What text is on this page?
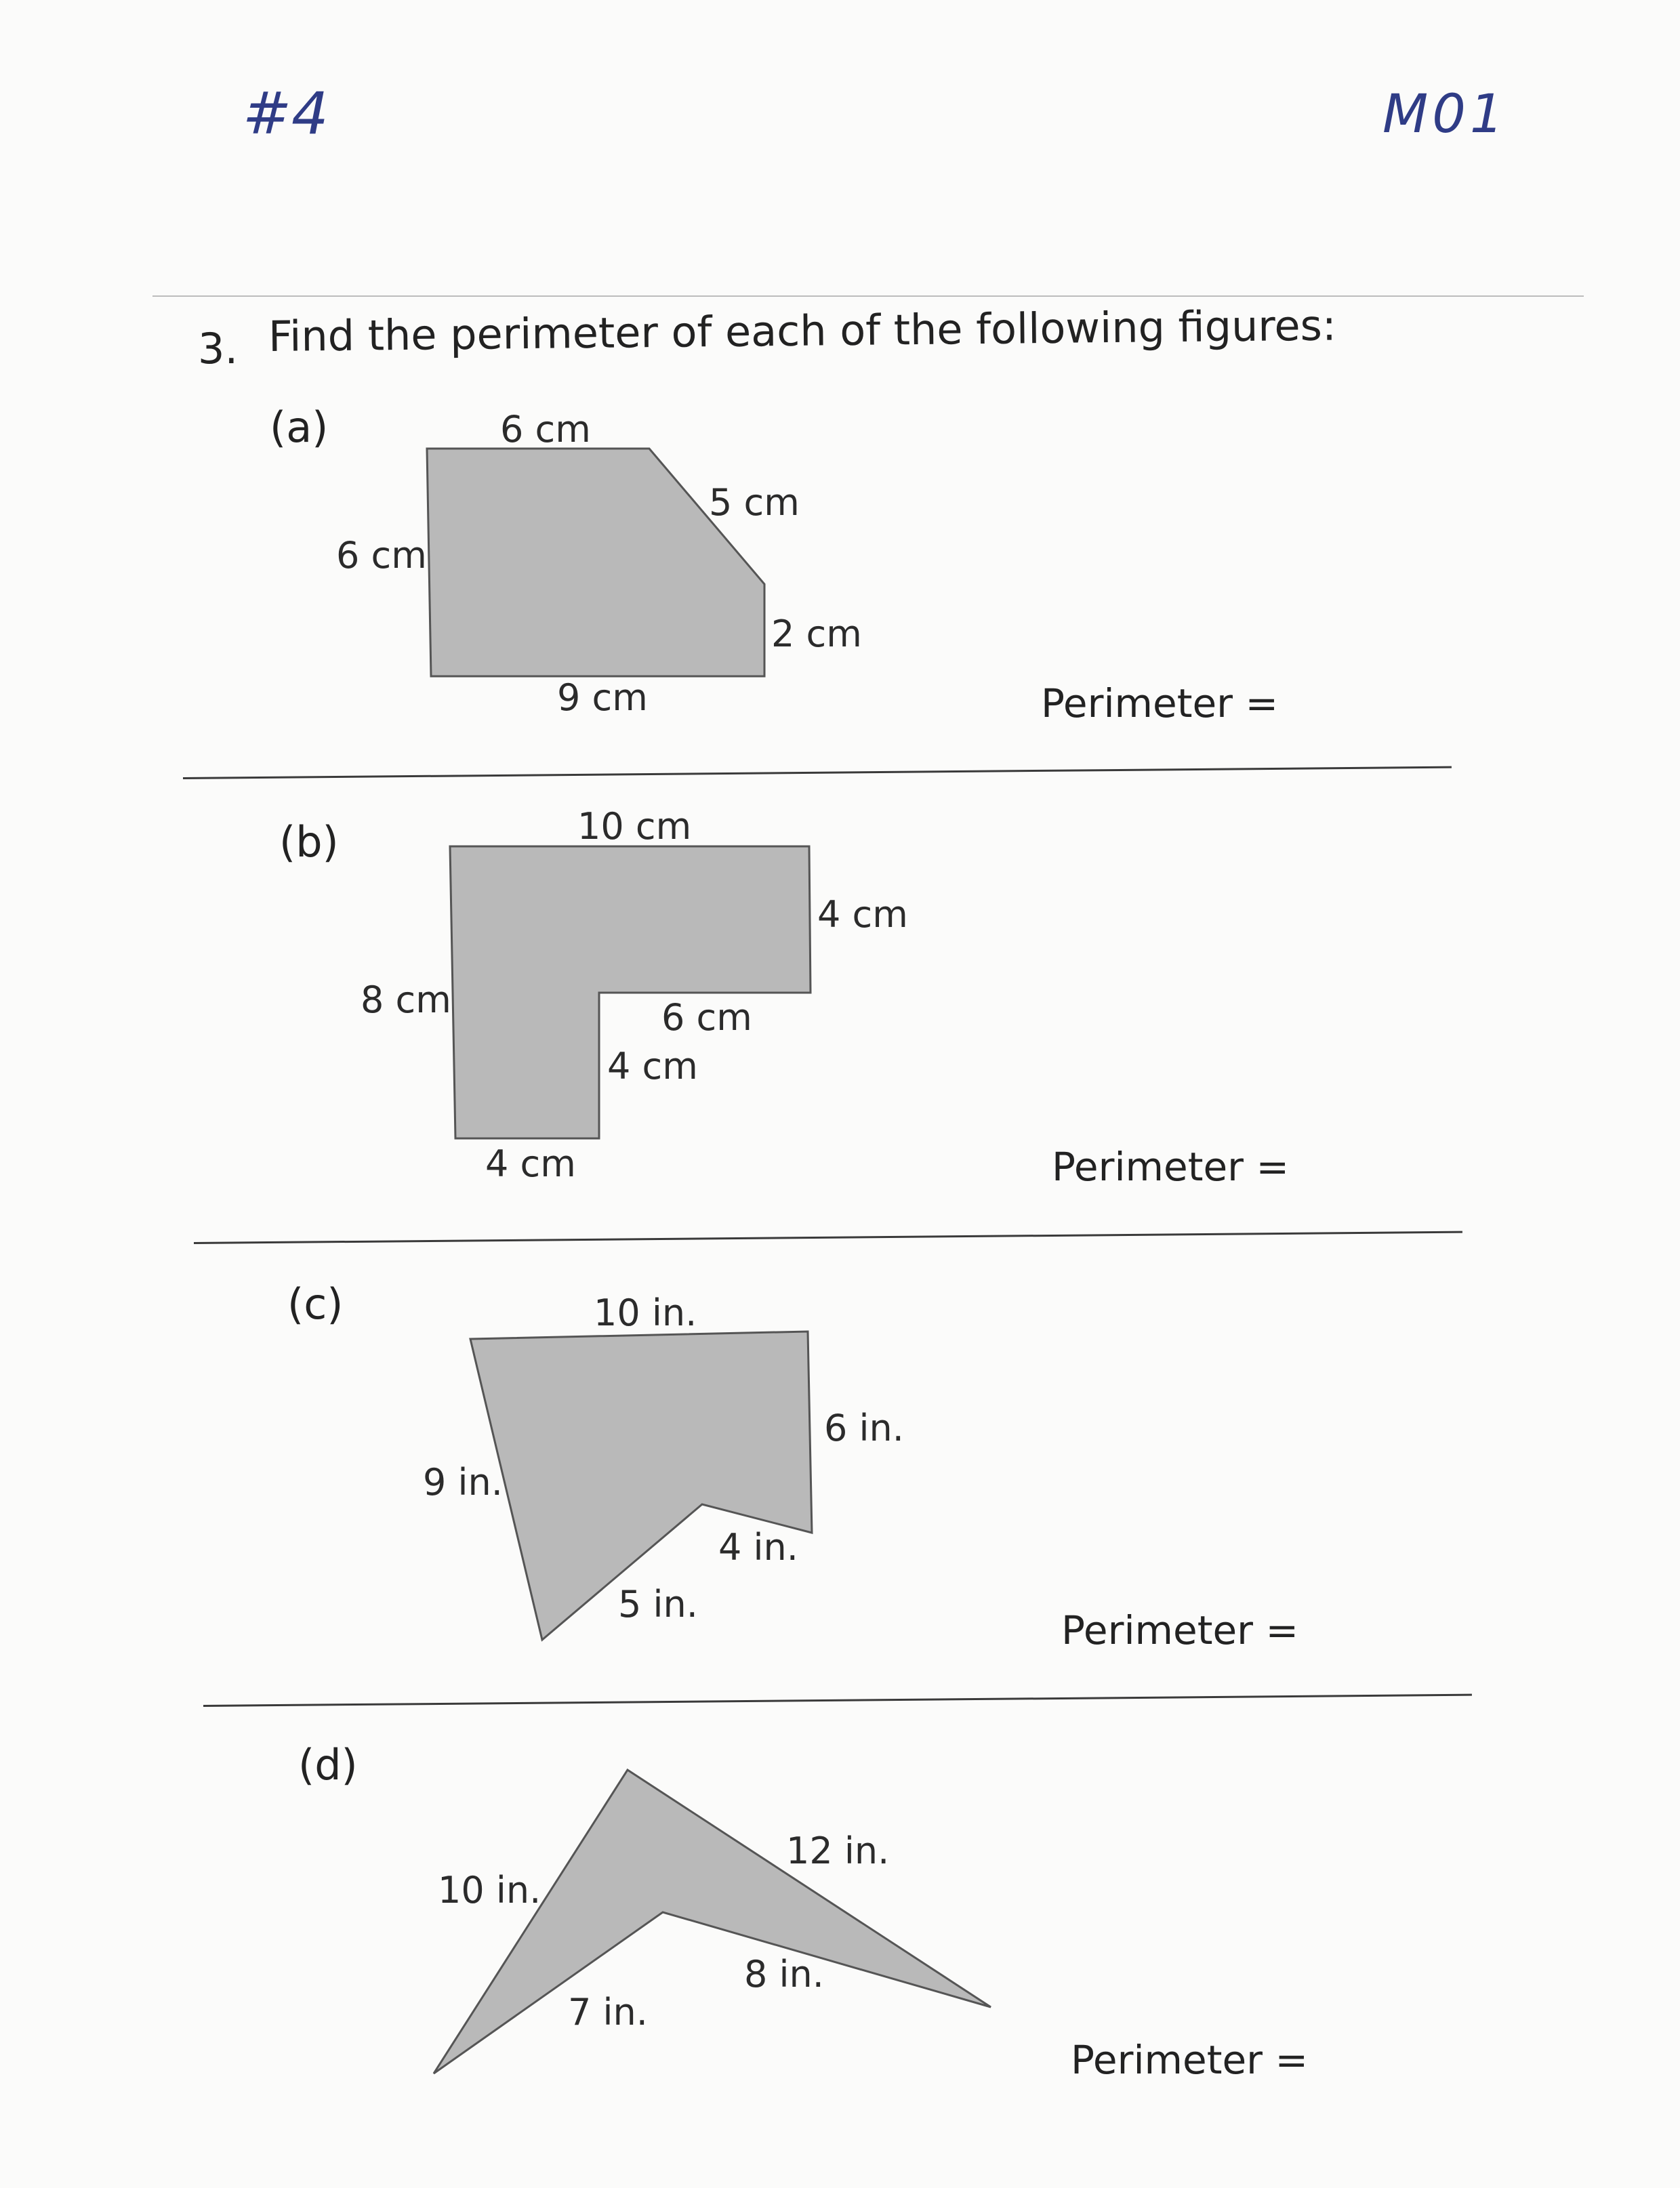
#4	M01
3. Find the perimeter of each of the following figures:
(a)	6 cm
6 cm
5 cm
2 cm
9 cm	Perimeter =
(b)	10 cm
4 cm
8 cm	6 cm
4 cm
4 cm	Perimeter =
(c)	10 in.
6 in.
9 in.
4 in.
5 in.
Perimeter =
(d)
12 in.
10 in.
8 in.
7 in.
Perimeter =
